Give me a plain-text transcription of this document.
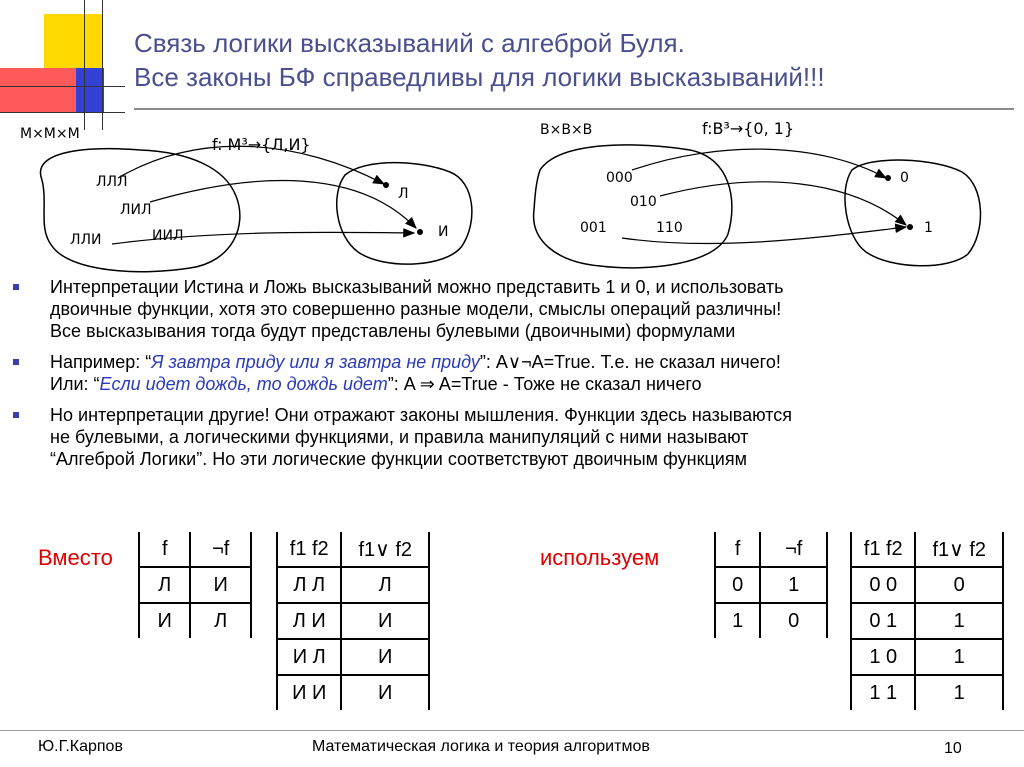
Связь логики высказываний с алгеброй Буля.
Все законы БФ справедливы для логики высказываний!!!
M×M×M
f: M³→{Л,И}
ЛЛЛ
ЛИЛ
ИИЛ
ЛЛИ
Л
И
B×B×B	f:B³→{0, 1}
000
010
001	110
0
1
Интерпретации Истина и Ложь высказываний можно представить 1 и 0, и использовать
двоичные функции, хотя это совершенно разные модели, смыслы операций различны!
Все высказывания тогда будут представлены булевыми (двоичными) формулами
Например: “Я завтра приду или я завтра не приду”: A∨¬A=True. Т.е. не сказал ничего!
Или: “Если идет дождь, то дождь идет”: A ⇒ A=True - Тоже не сказал ничего
Но интерпретации другие! Они отражают законы мышления. Функции здесь называются
не булевыми, а логическими функциями, и правила манипуляций с ними называют
“Алгеброй Логики”. Но эти логические функции соответствуют двоичным функциям
Вместо	используем
f	¬f
Л	И
И	Л
f1 f2	f1∨ f2
Л Л	Л
Л И	И
И Л	И
И И	И
f	¬f
0	1
1	0
f1 f2	f1∨ f2
0 0	0
0 1	1
1 0	1
1 1	1
Ю.Г.Карпов	Математическая логика и теория алгоритмов	10
